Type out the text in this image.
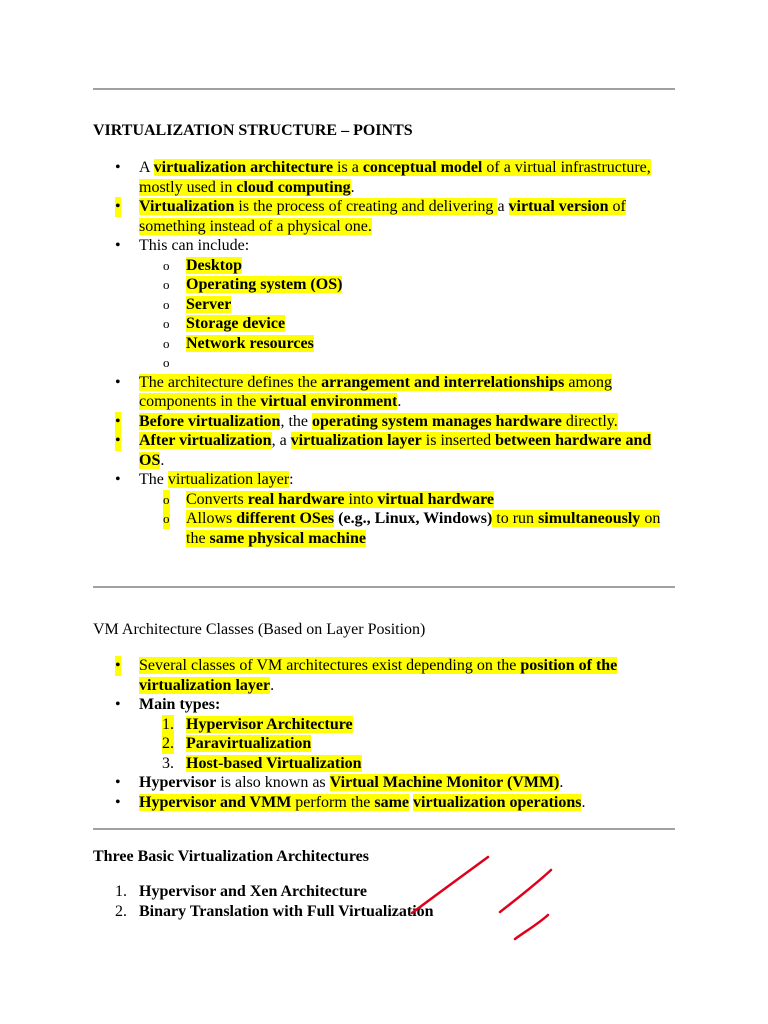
VIRTUALIZATION STRUCTURE – POINTS
• A virtualization architecture is a conceptual model of a virtual infrastructure, mostly used in cloud computing.
• Virtualization is the process of creating and delivering a virtual version of something instead of a physical one.
• This can include:
o Desktop
o Operating system (OS)
o Server
o Storage device
o Network resources
o

• The architecture defines the arrangement and interrelationships among components in the virtual environment.
• Before virtualization, the operating system manages hardware directly.
• After virtualization, a virtualization layer is inserted between hardware and OS.
• The virtualization layer:
o Converts real hardware into virtual hardware
o Allows different OSes (e.g., Linux, Windows) to run simultaneously on the same physical machine
VM Architecture Classes (Based on Layer Position)
• Several classes of VM architectures exist depending on the position of the virtualization layer.
• Main types:
1. Hypervisor Architecture
2. Paravirtualization
3. Host-based Virtualization
• Hypervisor is also known as Virtual Machine Monitor (VMM).
• Hypervisor and VMM perform the same virtualization operations.
Three Basic Virtualization Architectures
1. Hypervisor and Xen Architecture
2. Binary Translation with Full Virtualization
